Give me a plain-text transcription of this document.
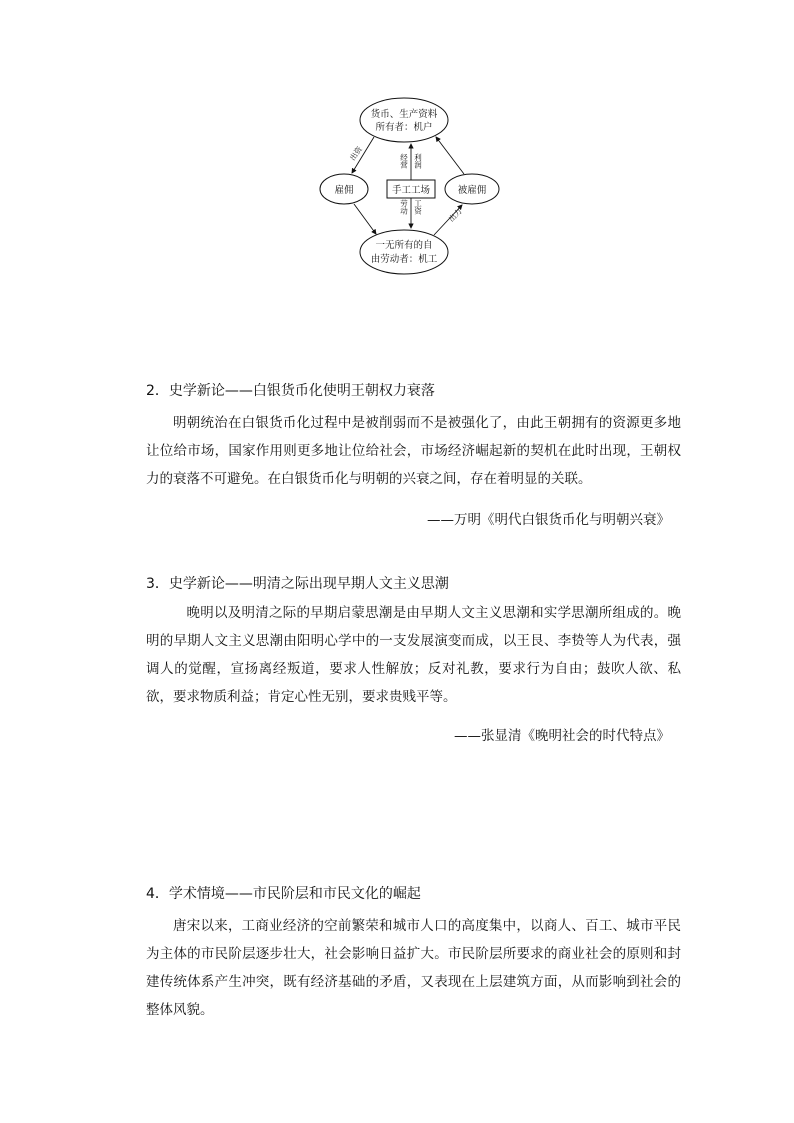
货币、生产资料
所有者：机户
雇佣	被雇佣
手工工场
一无所有的自
由劳动者：机工
出资
出力
经营 利润
劳动 工资
2．史学新论——白银货币化使明王朝权力衰落
明朝统治在白银货币化过程中是被削弱而不是被强化了，由此王朝拥有的资源更多地让位给市场，国家作用则更多地让位给社会，市场经济崛起新的契机在此时出现，王朝权力的衰落不可避免。在白银货币化与明朝的兴衰之间，存在着明显的关联。
——万明《明代白银货币化与明朝兴衰》
3．史学新论——明清之际出现早期人文主义思潮
晚明以及明清之际的早期启蒙思潮是由早期人文主义思潮和实学思潮所组成的。晚明的早期人文主义思潮由阳明心学中的一支发展演变而成，以王艮、李贽等人为代表，强调人的觉醒，宣扬离经叛道，要求人性解放；反对礼教，要求行为自由；鼓吹人欲、私欲，要求物质利益；肯定心性无别，要求贵贱平等。
——张显清《晚明社会的时代特点》
4．学术情境——市民阶层和市民文化的崛起
唐宋以来，工商业经济的空前繁荣和城市人口的高度集中，以商人、百工、城市平民为主体的市民阶层逐步壮大，社会影响日益扩大。市民阶层所要求的商业社会的原则和封建传统体系产生冲突，既有经济基础的矛盾，又表现在上层建筑方面，从而影响到社会的整体风貌。
